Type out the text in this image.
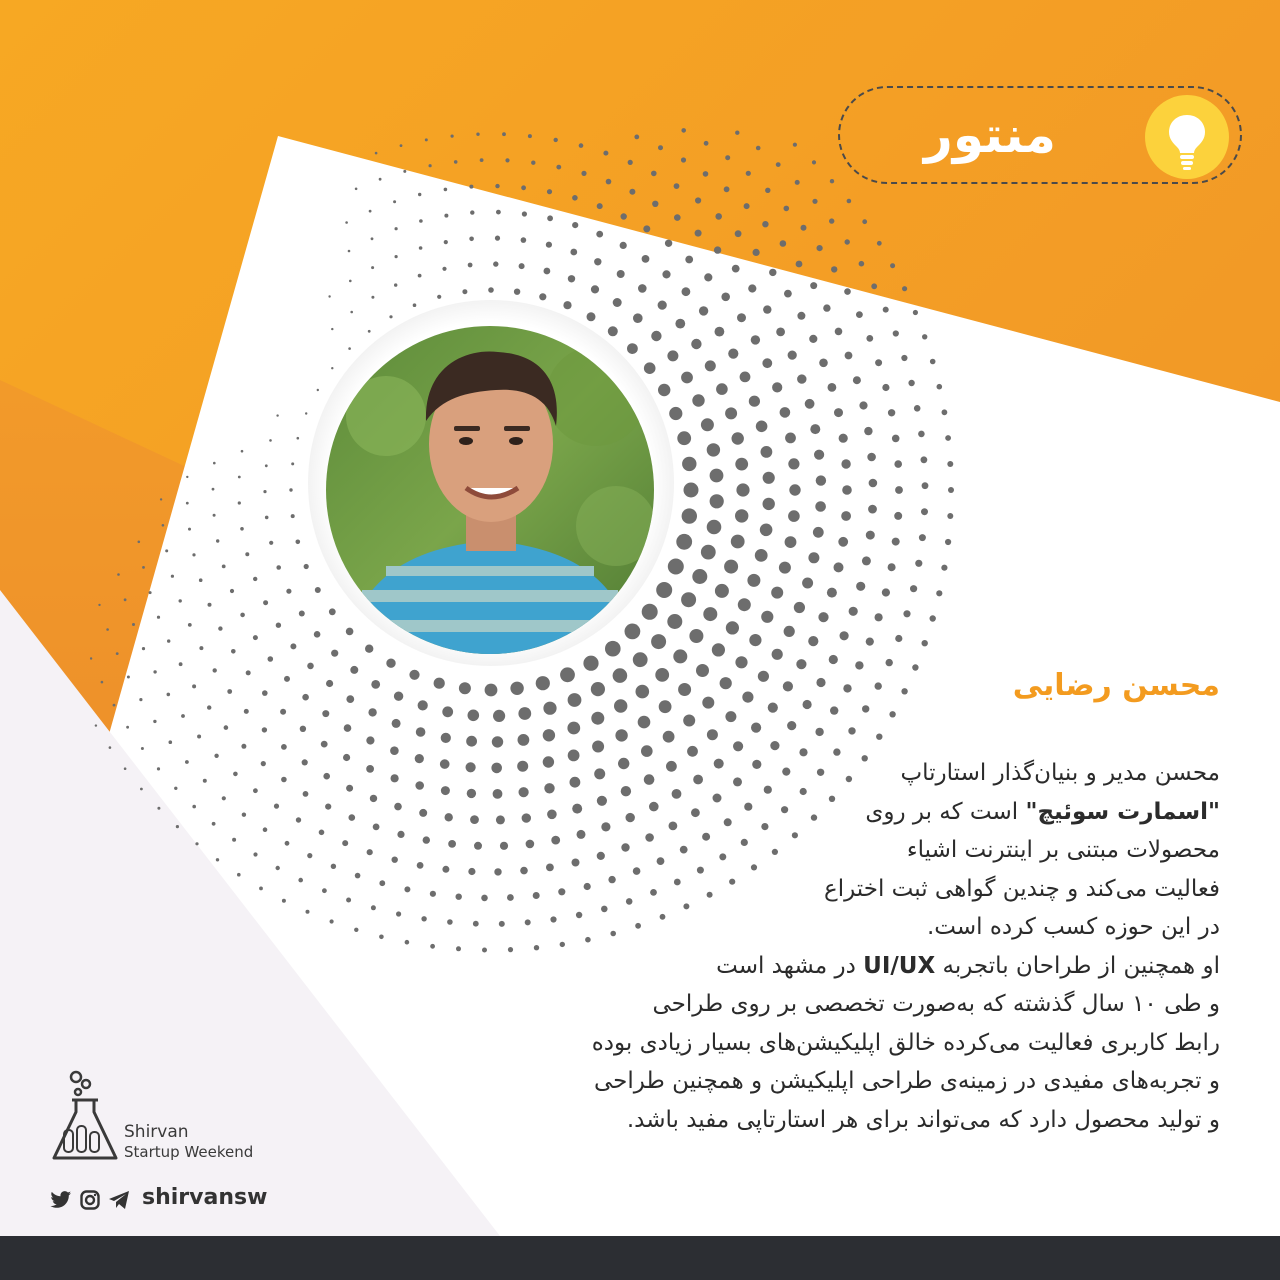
منتور
محسن رضایی
محسن مدیر و بنیان‌گذار استارتاپ
"اسمارت سوئیچ" است که بر روی
محصولات مبتنی بر اینترنت اشیاء
فعالیت می‌کند و چندین گواهی ثبت اختراع
در این حوزه کسب کرده است.
او همچنین از طراحان باتجربه UI/UX در مشهد است
و طی ۱۰ سال گذشته که به‌صورت تخصصی بر روی طراحی
رابط کاربری فعالیت می‌کرده خالق اپلیکیشن‌های بسیار زیادی بوده
و تجربه‌های مفیدی در زمینه‌ی طراحی اپلیکیشن و همچنین طراحی
و تولید محصول دارد که می‌تواند برای هر استارتاپی مفید باشد.
Shirvan
Startup Weekend
shirvansw
